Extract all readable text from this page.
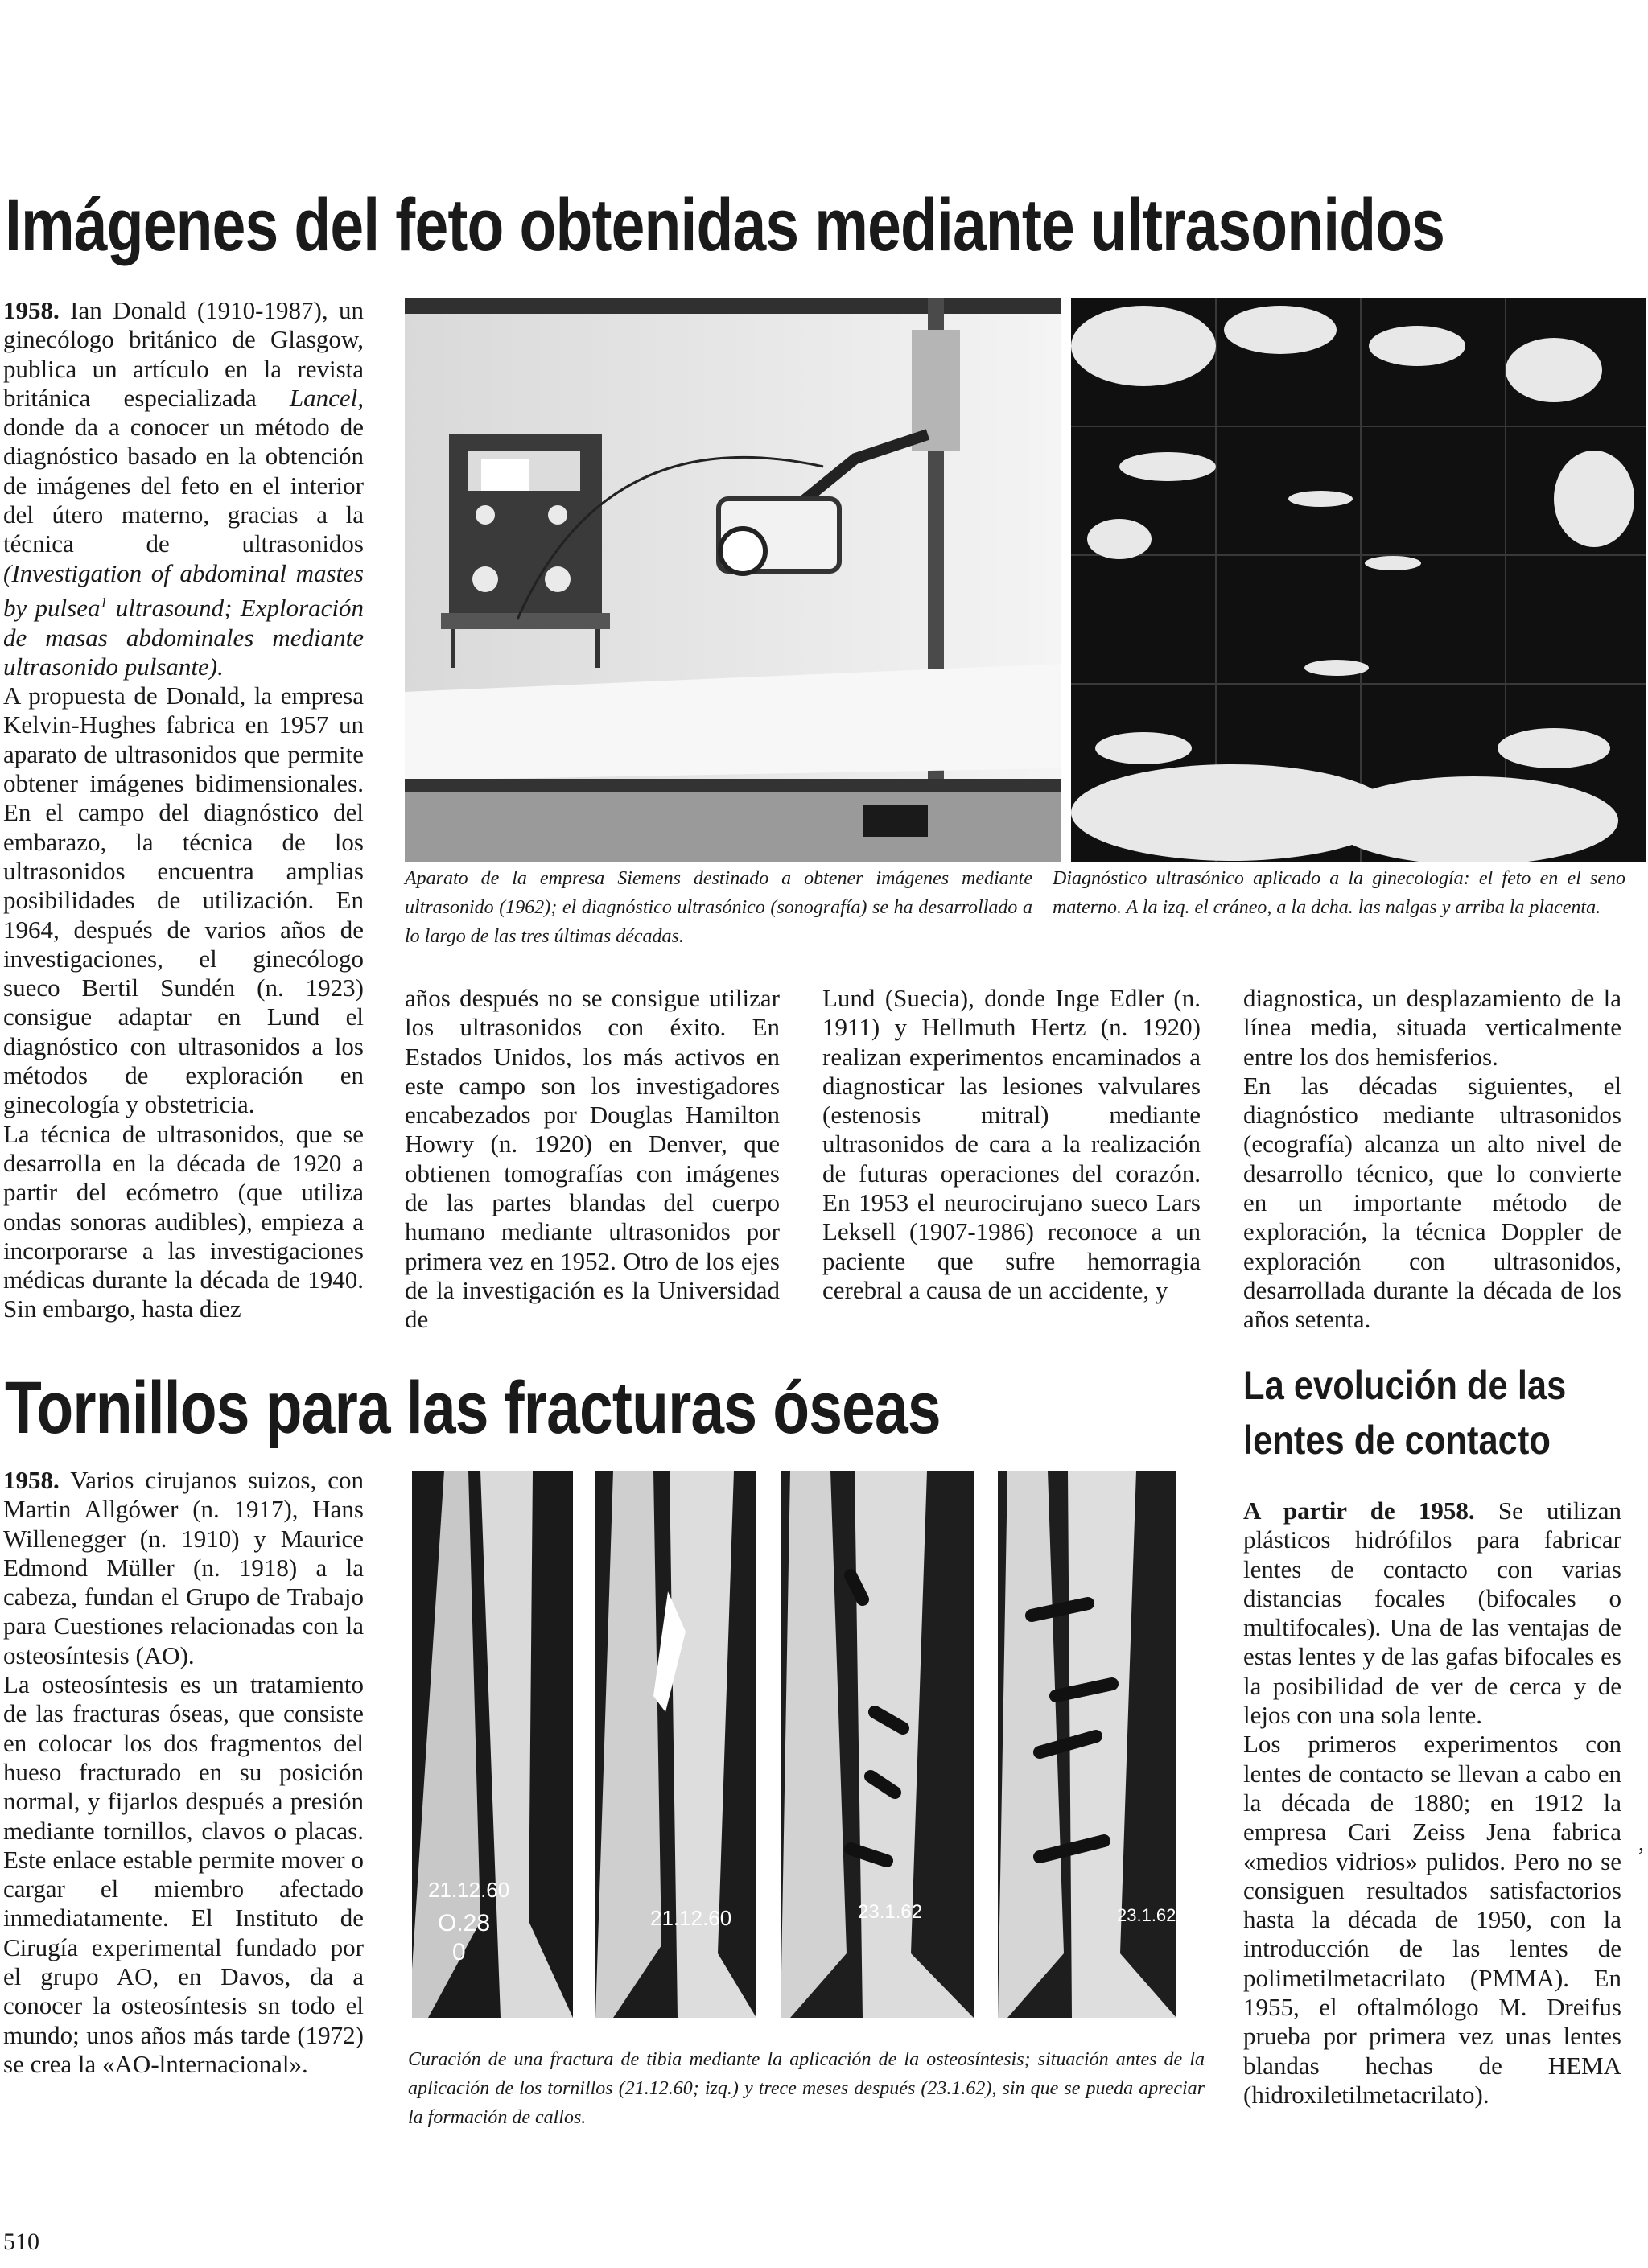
Imágenes del feto obtenidas mediante ultrasonidos

1958. Ian Donald (1910-1987), un ginecólogo británico de Glasgow, publica un artículo en la revista británica especializada Lancel, donde da a conocer un método de diagnóstico basado en la obtención de imágenes del feto en el interior del útero materno, gracias a la técnica de ultrasonidos (Investigation of abdominal mastes by pulsea$^1$ ultrasound; Exploración de masas abdominales mediante ultrasonido pulsante).

A propuesta de Donald, la empresa Kelvin-Hughes fabrica en 1957 un aparato de ultrasonidos que permite obtener imágenes bidimensionales. En el campo del diagnóstico del embarazo, la técnica de los ultrasonidos encuentra amplias posibilidades de utilización. En 1964, después de varios años de investigaciones, el ginecólogo sueco Bertil Sundén (n. 1923) consigue adaptar en Lund el diagnóstico con ultrasonidos a los métodos de exploración en ginecología y obstetricia.

La técnica de ultrasonidos, que se desarrolla en la década de 1920 a partir del ecómetro (que utiliza ondas sonoras audibles), empieza a incorporarse a las investigaciones médicas durante la década de 1940. Sin embargo, hasta diez

Aparato de la empresa Siemens destinado a obtener imágenes mediante ultrasonido (1962); el diagnóstico ultrasónico (sonografía) se ha desarrollado a lo largo de las tres últimas décadas.
Diagnóstico ultrasónico aplicado a la ginecología: el feto en el seno materno. A la izq. el cráneo, a la dcha. las nalgas y arriba la placenta.
años después no se consigue utilizar los ultrasonidos con éxito. En Estados Unidos, los más activos en este campo son los investigadores encabezados por Douglas Hamilton Howry (n. 1920) en Denver, que obtienen tomografías con imágenes de las partes blandas del cuerpo humano mediante ultrasonidos por primera vez en 1952. Otro de los ejes de la investigación es la Universidad de
Lund (Suecia), donde Inge Edler (n. 1911) y Hellmuth Hertz (n. 1920) realizan experimentos encaminados a diagnosticar las lesiones valvulares (estenosis mitral) mediante ultrasonidos de cara a la realización de futuras operaciones del corazón. En 1953 el neurocirujano sueco Lars Leksell (1907-1986) reconoce a un paciente que sufre hemorragia cerebral a causa de un accidente, y

diagnostica, un desplazamiento de la línea media, situada verticalmente entre los dos hemisferios.

En las décadas siguientes, el diagnóstico mediante ultrasonidos (ecografía) alcanza un alto nivel de desarrollo técnico, que lo convierte en un importante método de exploración, la técnica Doppler de exploración con ultrasonidos, desarrollada durante la década de los años setenta.

Tornillos para las fracturas óseas

1958. Varios cirujanos suizos, con Martin Allgówer (n. 1917), Hans Willenegger (n. 1910) y Maurice Edmond Müller (n. 1918) a la cabeza, fundan el Grupo de Trabajo para Cuestiones relacionadas con la osteosíntesis (AO).

La osteosíntesis es un tratamiento de las fracturas óseas, que consiste en colocar los dos fragmentos del hueso fracturado en su posición normal, y fijarlos después a presión mediante tornillos, clavos o placas. Este enlace estable permite mover o cargar el miembro afectado inmediatamente. El Instituto de Cirugía experimental fundado por el grupo AO, en Davos, da a conocer la osteosíntesis sn todo el mundo; unos años más tarde (1972) se crea la «AO-lnternacional».

21.12.60
O.28
0
21.12.60	23.1.62	23.1.62
Curación de una fractura de tibia mediante la aplicación de la osteosíntesis; situación antes de la aplicación de los tornillos (21.12.60; izq.) y trece meses después (23.1.62), sin que se pueda apreciar la formación de callos.
La evolución de las
lentes de contacto

A partir de 1958. Se utilizan plásticos hidrófilos para fabricar lentes de contacto con varias distancias focales (bifocales o multifocales). Una de las ventajas de estas lentes y de las gafas bifocales es la posibilidad de ver de cerca y de lejos con una sola lente.

Los primeros experimentos con lentes de contacto se llevan a cabo en la década de 1880; en 1912 la empresa Cari Zeiss Jena fabrica «medios vidrios» pulidos. Pero no se consiguen resultados satisfactorios hasta la década de 1950, con la introducción de las lentes de polimetilmetacrilato (PMMA). En 1955, el oftalmólogo M. Dreifus prueba por primera vez unas lentes blandas hechas de HEMA (hidroxiletilmetacrilato).

,
510
